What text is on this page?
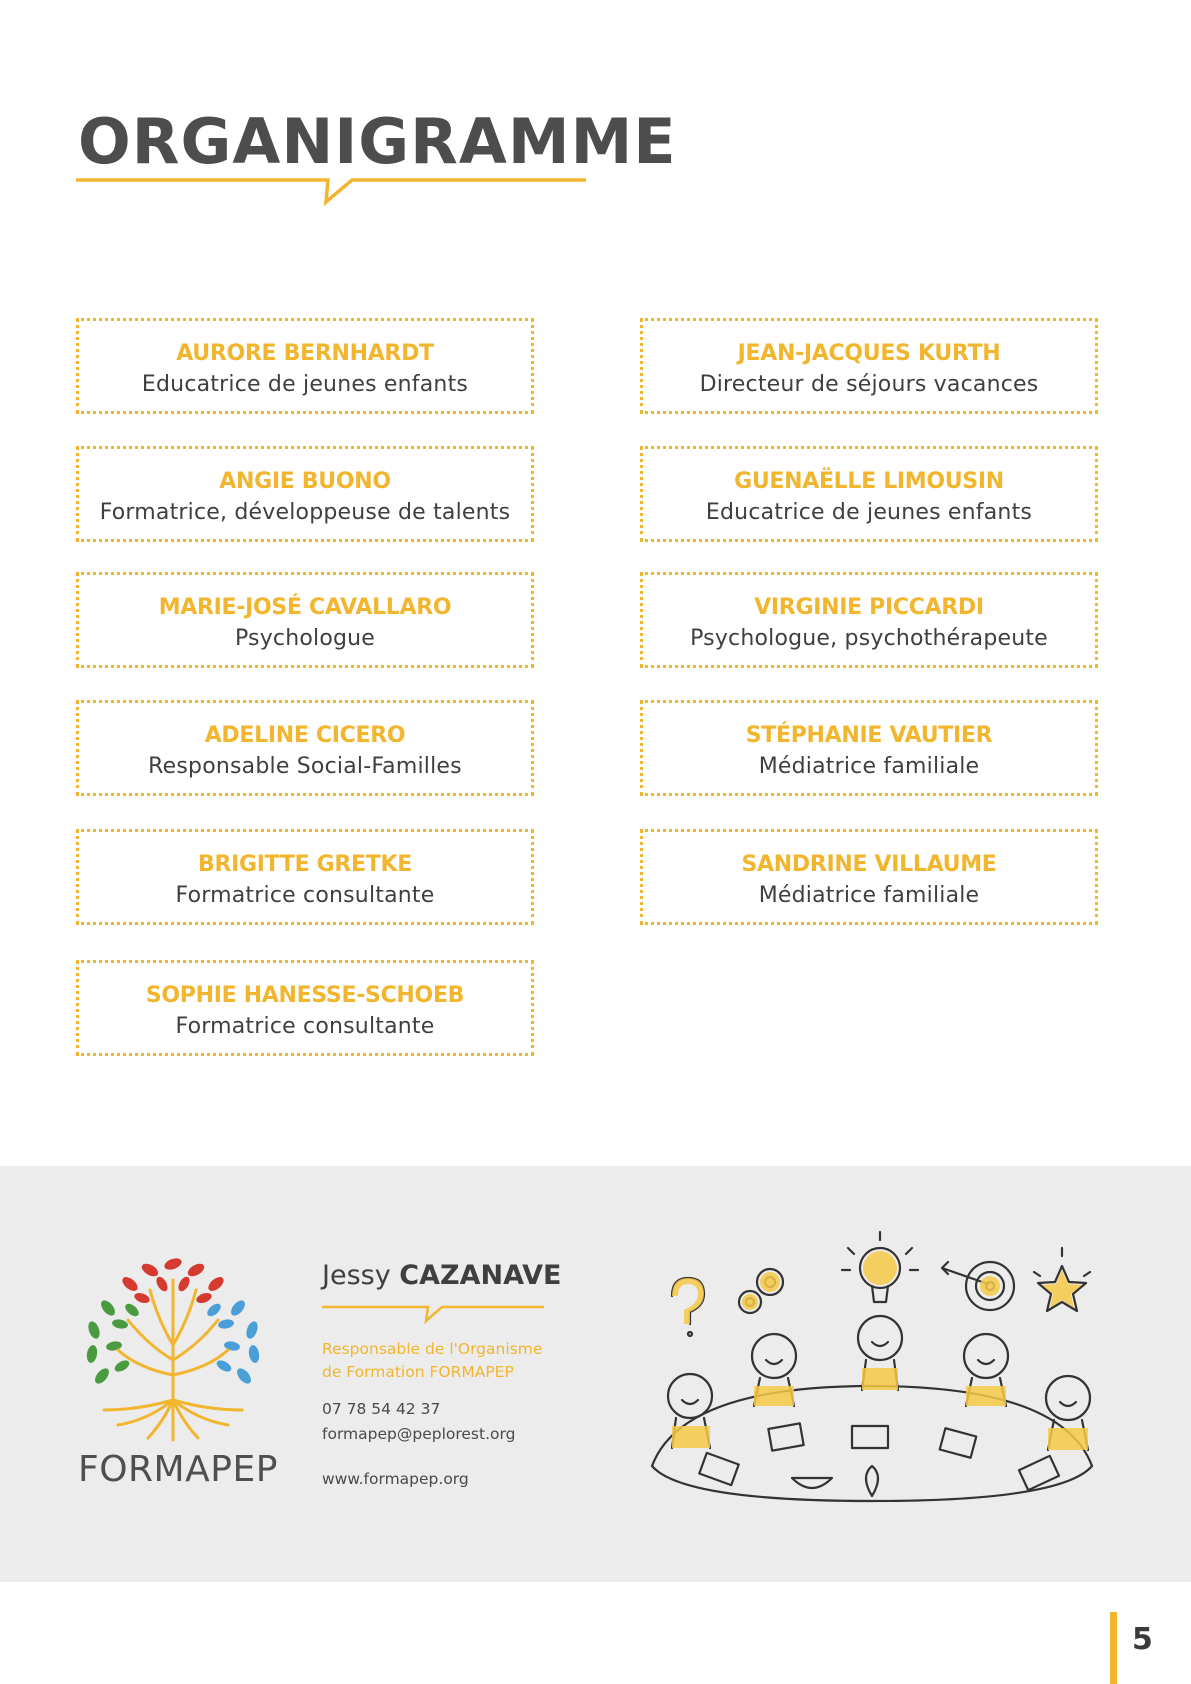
ORGANIGRAMME
AURORE BERNHARDT
Educatrice de jeunes enfants
JEAN-JACQUES KURTH
Directeur de séjours vacances
ANGIE BUONO
Formatrice, développeuse de talents
GUENAËLLE LIMOUSIN
Educatrice de jeunes enfants
MARIE-JOSÉ CAVALLARO
Psychologue
VIRGINIE PICCARDI
Psychologue, psychothérapeute
ADELINE CICERO
Responsable Social-Familles
STÉPHANIE VAUTIER
Médiatrice familiale
BRIGITTE GRETKE
Formatrice consultante
SANDRINE VILLAUME
Médiatrice familiale
SOPHIE HANESSE-SCHOEB
Formatrice consultante
FORMAPEP
Jessy CAZANAVE
Responsable de l'Organisme
de Formation FORMAPEP
07 78 54 42 37
formapep@peplorest.org
www.formapep.org
5
